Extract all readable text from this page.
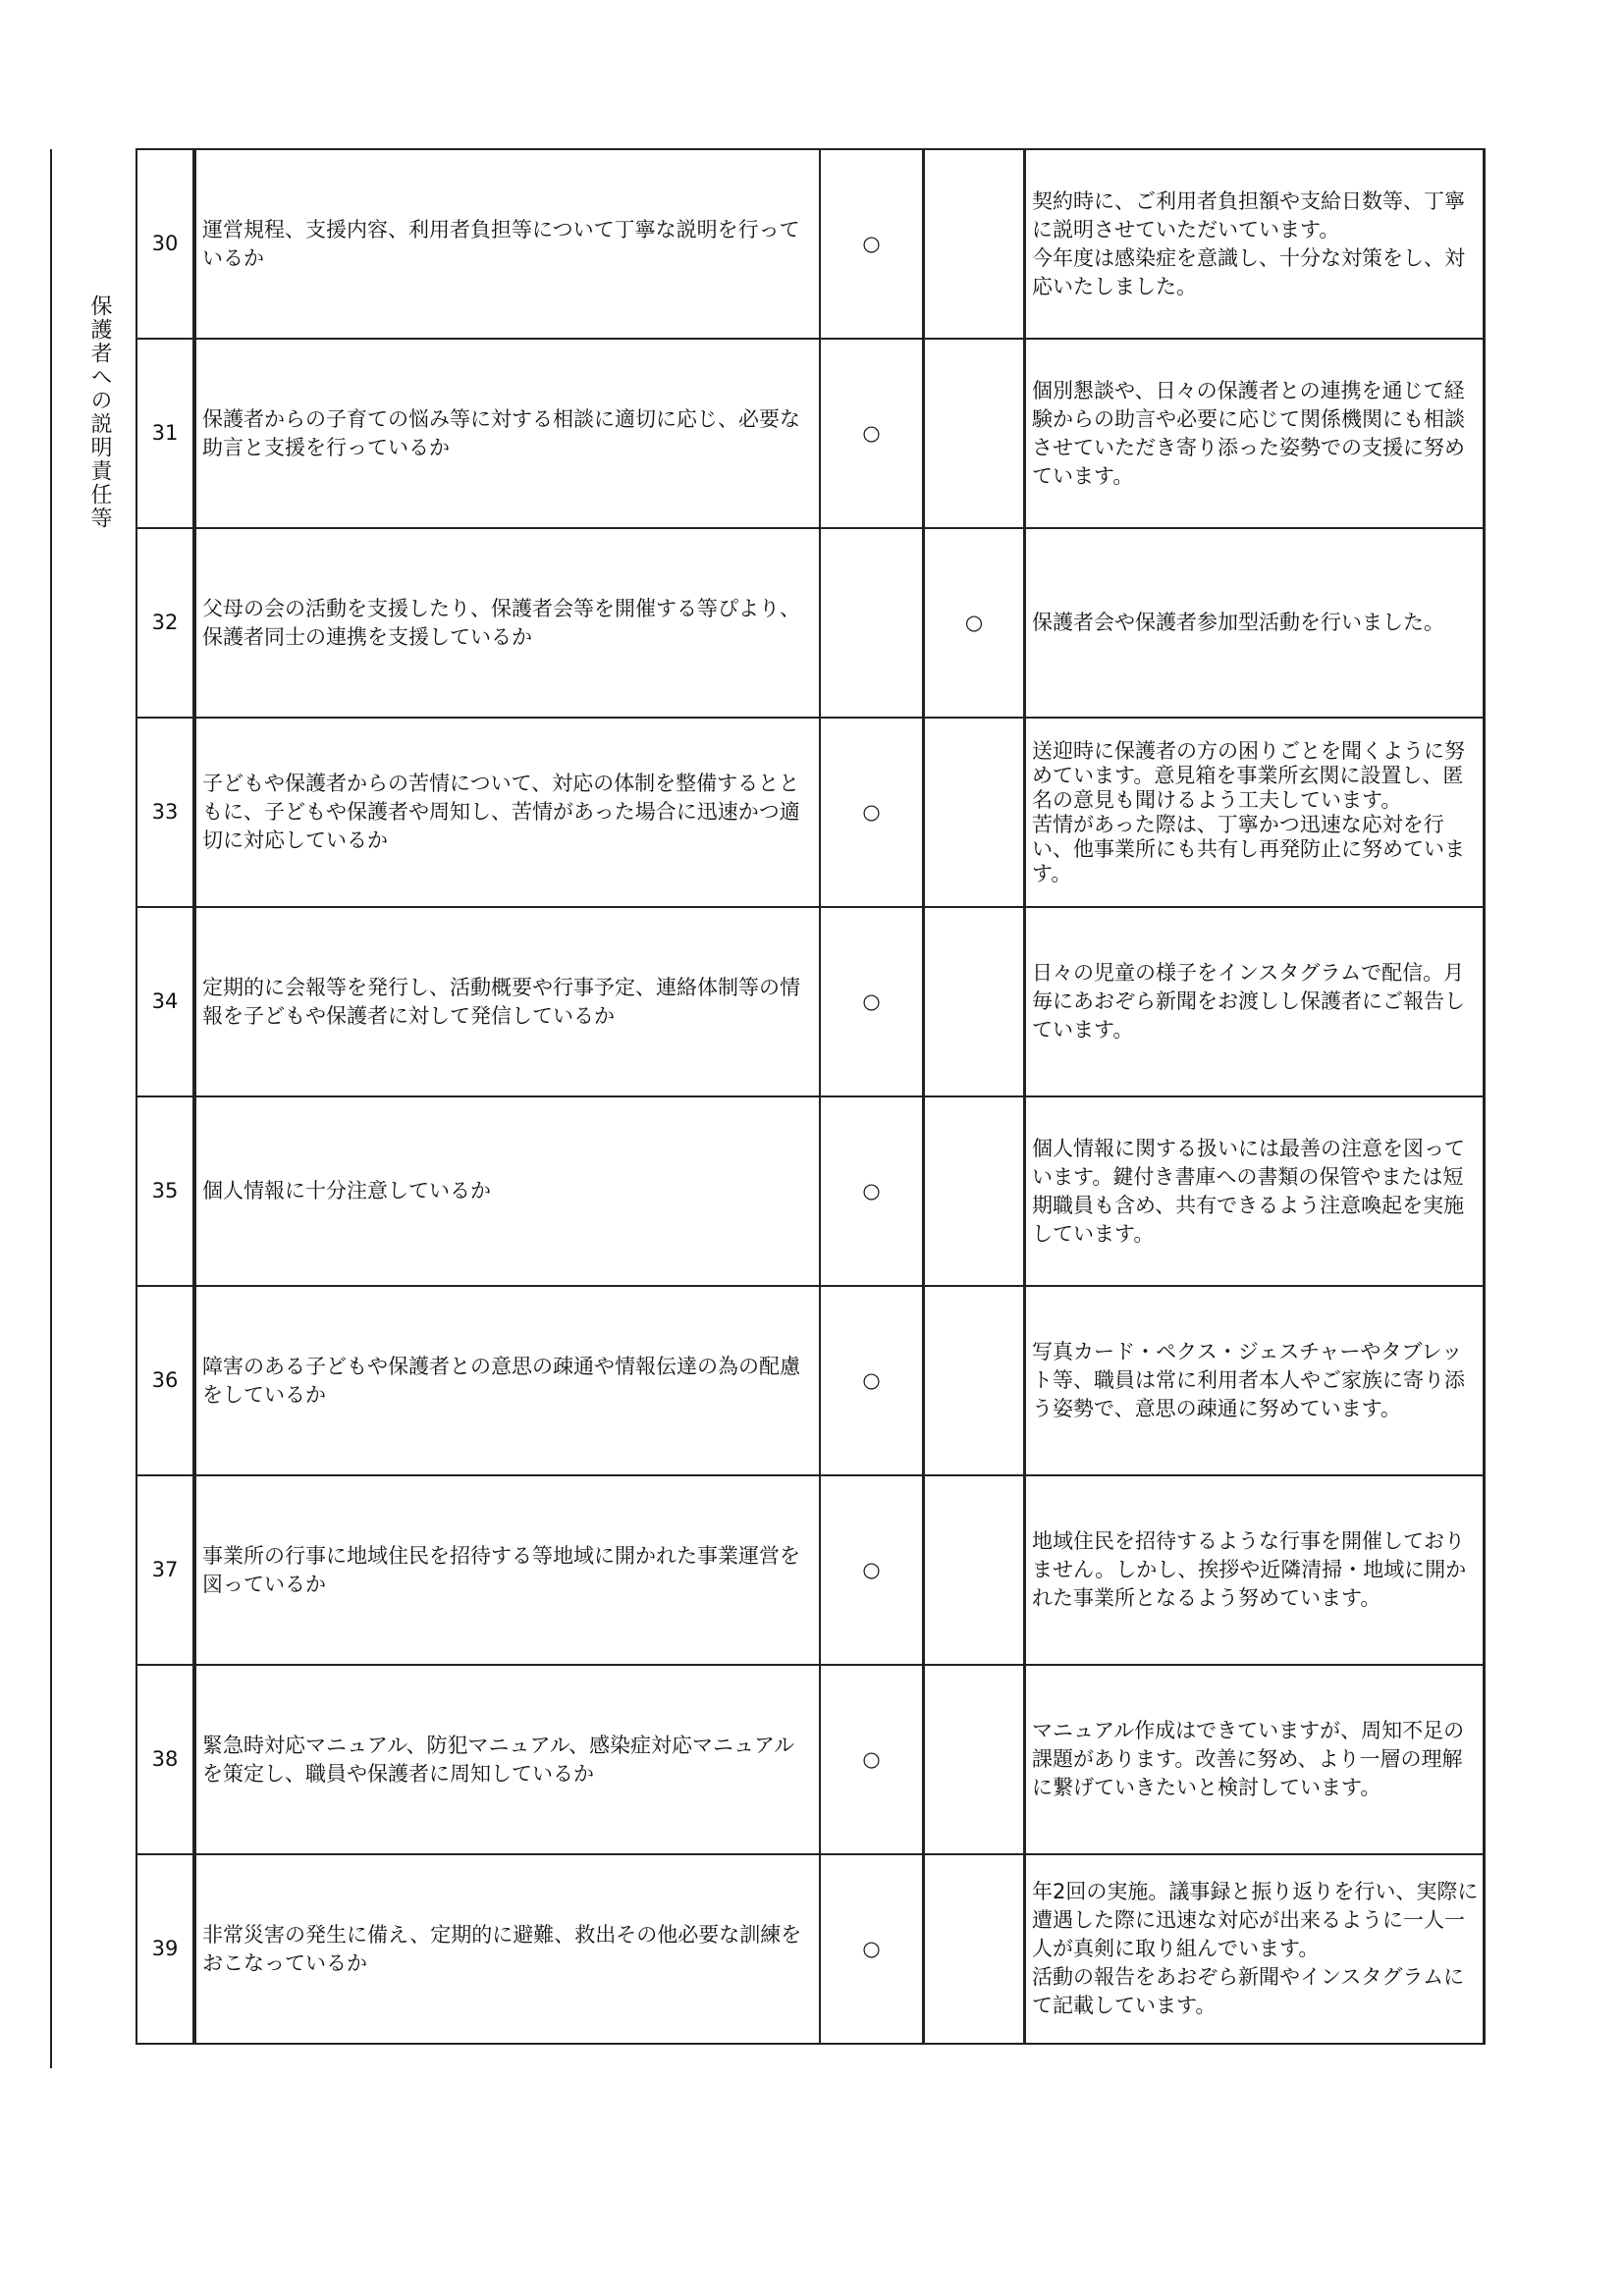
保護者への説明責任等
30	運営規程、支援内容、利用者負担等について丁寧な説明を行っているか	○		契約時に、ご利用者負担額や支給日数等、丁寧に説明させていただいています。
今年度は感染症を意識し、十分な対策をし、対応いたしました。

31	保護者からの子育ての悩み等に対する相談に適切に応じ、必要な助言と支援を行っているか	○		個別懇談や、日々の保護者との連携を通じて経験からの助言や必要に応じて関係機関にも相談させていただき寄り添った姿勢での支援に努めています。

32	父母の会の活動を支援したり、保護者会等を開催する等ぴより、保護者同士の連携を支援しているか		○	保護者会や保護者参加型活動を行いました。

33	子どもや保護者からの苦情について、対応の体制を整備するとともに、子どもや保護者や周知し、苦情があった場合に迅速かつ適切に対応しているか	○		送迎時に保護者の方の困りごとを聞くように努めています。意見箱を事業所玄関に設置し、匿名の意見も聞けるよう工夫しています。
苦情があった際は、丁寧かつ迅速な応対を行い、他事業所にも共有し再発防止に努めています。

34	定期的に会報等を発行し、活動概要や行事予定、連絡体制等の情報を子どもや保護者に対して発信しているか	○		日々の児童の様子をインスタグラムで配信。月毎にあおぞら新聞をお渡しし保護者にご報告しています。

35	個人情報に十分注意しているか	○		個人情報に関する扱いには最善の注意を図っています。鍵付き書庫への書類の保管やまたは短期職員も含め、共有できるよう注意喚起を実施しています。

36	障害のある子どもや保護者との意思の疎通や情報伝達の為の配慮をしているか	○		写真カード・ペクス・ジェスチャーやタブレット等、職員は常に利用者本人やご家族に寄り添う姿勢で、意思の疎通に努めています。

37	事業所の行事に地域住民を招待する等地域に開かれた事業運営を図っているか	○		地域住民を招待するような行事を開催しておりません。しかし、挨拶や近隣清掃・地域に開かれた事業所となるよう努めています。

38	緊急時対応マニュアル、防犯マニュアル、感染症対応マニュアルを策定し、職員や保護者に周知しているか	○		マニュアル作成はできていますが、周知不足の課題があります。改善に努め、より一層の理解に繋げていきたいと検討しています。

39	非常災害の発生に備え、定期的に避難、救出その他必要な訓練をおこなっているか	○		年2回の実施。議事録と振り返りを行い、実際に遭遇した際に迅速な対応が出来るように一人一人が真剣に取り組んでいます。
活動の報告をあおぞら新聞やインスタグラムにて記載しています。
